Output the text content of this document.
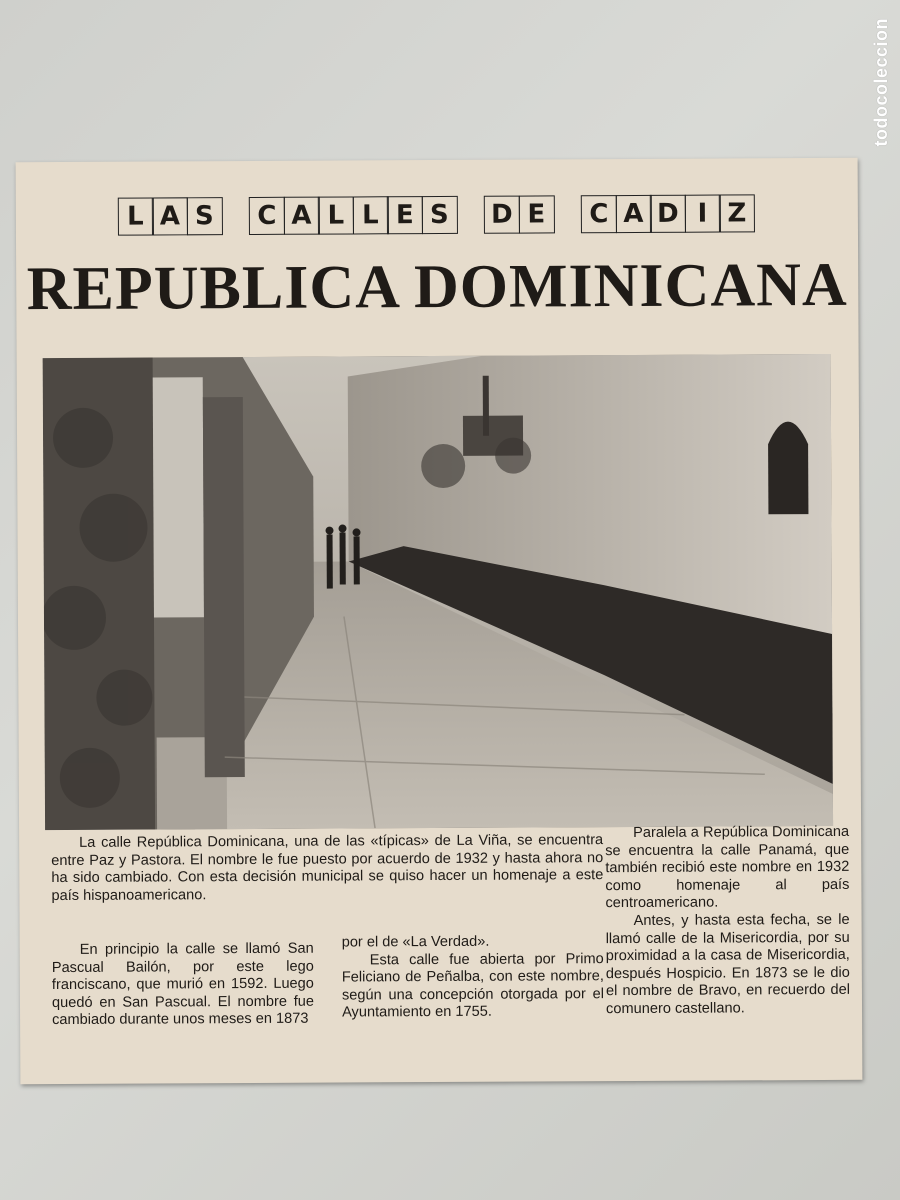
todocoleccion
L A S	C A L L E S	D E	C A D I Z
REPUBLICA DOMINICANA

La calle República Dominicana, una de las «típicas» de La Viña, se encuentra entre Paz y Pastora. El nombre le fue puesto por acuerdo de 1932 y hasta ahora no ha sido cambiado. Con esta decisión municipal se quiso hacer un homenaje a este país hispanoamericano.

En principio la calle se llamó San Pascual Bailón, por este lego franciscano, que murió en 1592. Luego quedó en San Pascual. El nombre fue cambiado durante unos meses en 1873

por el de «La Verdad».

Esta calle fue abierta por Primo Feliciano de Peñalba, con este nombre, según una concepción otorgada por el Ayuntamiento en 1755.

Paralela a República Dominicana se encuentra la calle Panamá, que también recibió este nombre en 1932 como homenaje al país centroamericano.

Antes, y hasta esta fecha, se le llamó calle de la Misericordia, por su proximidad a la casa de Misericordia, después Hospicio. En 1873 se le dio el nombre de Bravo, en recuerdo del comunero castellano.
